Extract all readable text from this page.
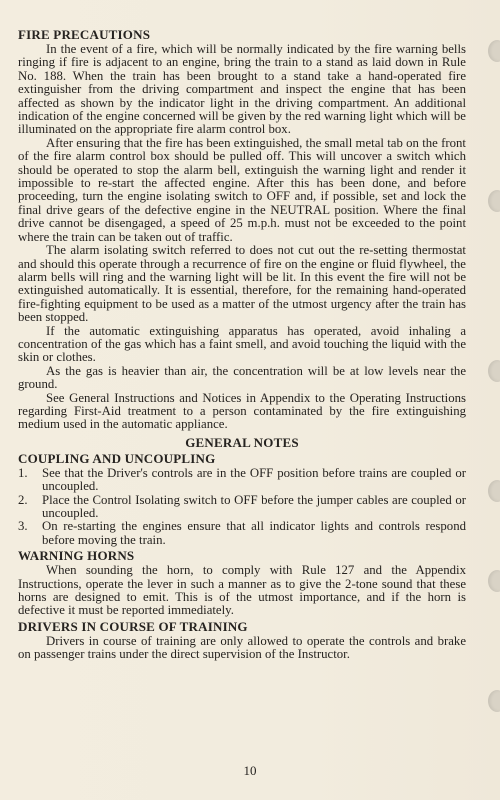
FIRE PRECAUTIONS

In the event of a fire, which will be normally indicated by the fire warning bells ringing if fire is adjacent to an engine, bring the train to a stand as laid down in Rule No. 188. When the train has been brought to a stand take a hand-operated fire extinguisher from the driving compartment and inspect the engine that has been affected as shown by the indicator light in the driving compartment. An additional indication of the engine concerned will be given by the red warning light which will be illuminated on the appropriate fire alarm control box.

After ensuring that the fire has been extinguished, the small metal tab on the front of the fire alarm control box should be pulled off. This will uncover a switch which should be operated to stop the alarm bell, extinguish the warning light and render it impossible to re-start the affected engine. After this has been done, and before proceeding, turn the engine isolating switch to OFF and, if possible, set and lock the final drive gears of the defective engine in the NEUTRAL position. Where the final drive cannot be disengaged, a speed of 25 m.p.h. must not be exceeded to the point where the train can be taken out of traffic.

The alarm isolating switch referred to does not cut out the re-setting thermostat and should this operate through a recurrence of fire on the engine or fluid flywheel, the alarm bells will ring and the warning light will be lit. In this event the fire will not be extinguished automatically. It is essential, therefore, for the remaining hand-operated fire-fighting equipment to be used as a matter of the utmost urgency after the train has been stopped.

If the automatic extinguishing apparatus has operated, avoid inhaling a concentration of the gas which has a faint smell, and avoid touching the liquid with the skin or clothes.

As the gas is heavier than air, the concentration will be at low levels near the ground.

See General Instructions and Notices in Appendix to the Operating Instructions regarding First-Aid treatment to a person contaminated by the fire extinguishing medium used in the automatic appliance.

GENERAL NOTES
COUPLING AND UNCOUPLING
1.	See that the Driver's controls are in the OFF position before trains are coupled or uncoupled.
2.	Place the Control Isolating switch to OFF before the jumper cables are coupled or uncoupled.
3.	On re-starting the engines ensure that all indicator lights and controls respond before moving the train.
WARNING HORNS

When sounding the horn, to comply with Rule 127 and the Appendix Instructions, operate the lever in such a manner as to give the 2-tone sound that these horns are designed to emit. This is of the utmost importance, and if the horn is defective it must be reported immediately.

DRIVERS IN COURSE OF TRAINING

Drivers in course of training are only allowed to operate the controls and brake on passenger trains under the direct supervision of the Instructor.

10
